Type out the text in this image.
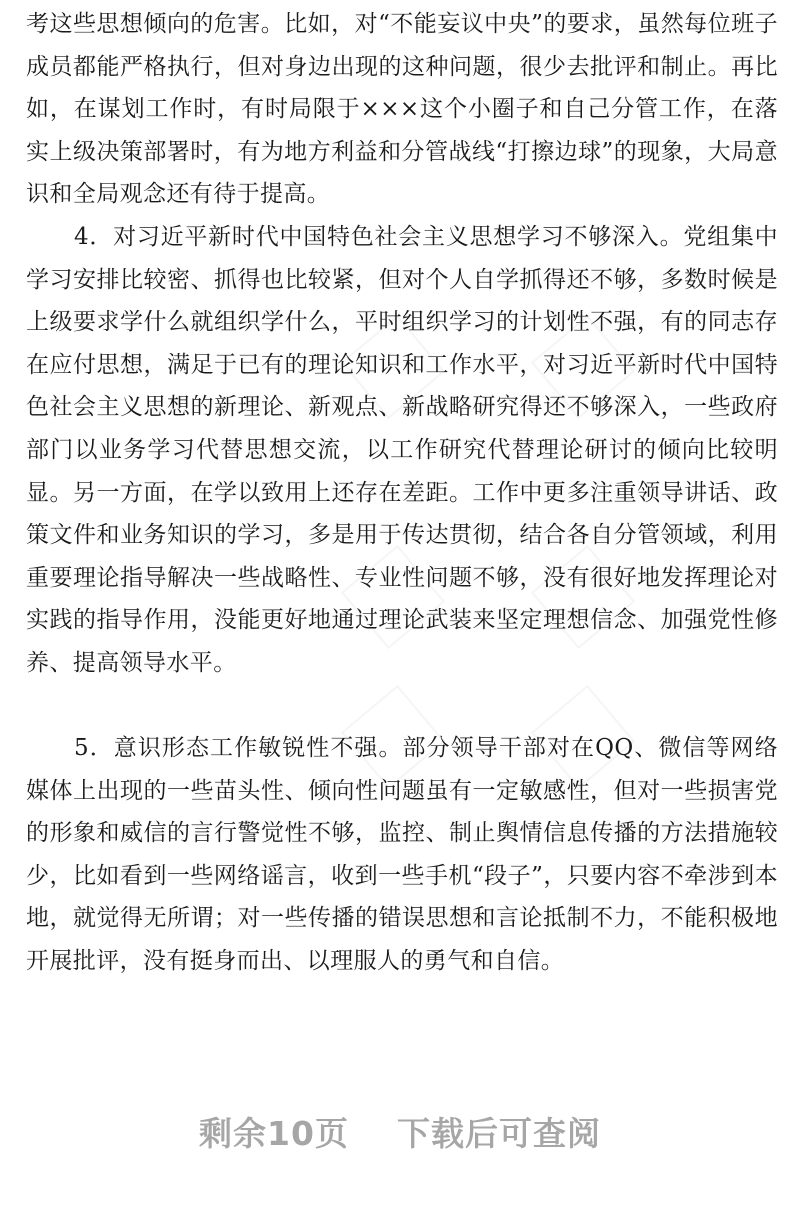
考这些思想倾向的危害。比如，对“不能妄议中央”的要求，虽然每位班子成员都能严格执行，但对身边出现的这种问题，很少去批评和制止。再比如，在谋划工作时，有时局限于×××这个小圈子和自己分管工作，在落实上级决策部署时，有为地方利益和分管战线“打擦边球”的现象，大局意识和全局观念还有待于提高。

4．对习近平新时代中国特色社会主义思想学习不够深入。党组集中学习安排比较密、抓得也比较紧，但对个人自学抓得还不够，多数时候是上级要求学什么就组织学什么，平时组织学习的计划性不强，有的同志存在应付思想，满足于已有的理论知识和工作水平，对习近平新时代中国特色社会主义思想的新理论、新观点、新战略研究得还不够深入，一些政府部门以业务学习代替思想交流，以工作研究代替理论研讨的倾向比较明显。另一方面，在学以致用上还存在差距。工作中更多注重领导讲话、政策文件和业务知识的学习，多是用于传达贯彻，结合各自分管领域，利用重要理论指导解决一些战略性、专业性问题不够，没有很好地发挥理论对实践的指导作用，没能更好地通过理论武装来坚定理想信念、加强党性修养、提高领导水平。

5．意识形态工作敏锐性不强。部分领导干部对在QQ、微信等网络媒体上出现的一些苗头性、倾向性问题虽有一定敏感性，但对一些损害党的形象和威信的言行警觉性不够，监控、制止舆情信息传播的方法措施较少，比如看到一些网络谣言，收到一些手机“段子”，只要内容不牵涉到本地，就觉得无所谓；对一些传播的错误思想和言论抵制不力，不能积极地开展批评，没有挺身而出、以理服人的勇气和自信。

剩余10页 下载后可查阅
